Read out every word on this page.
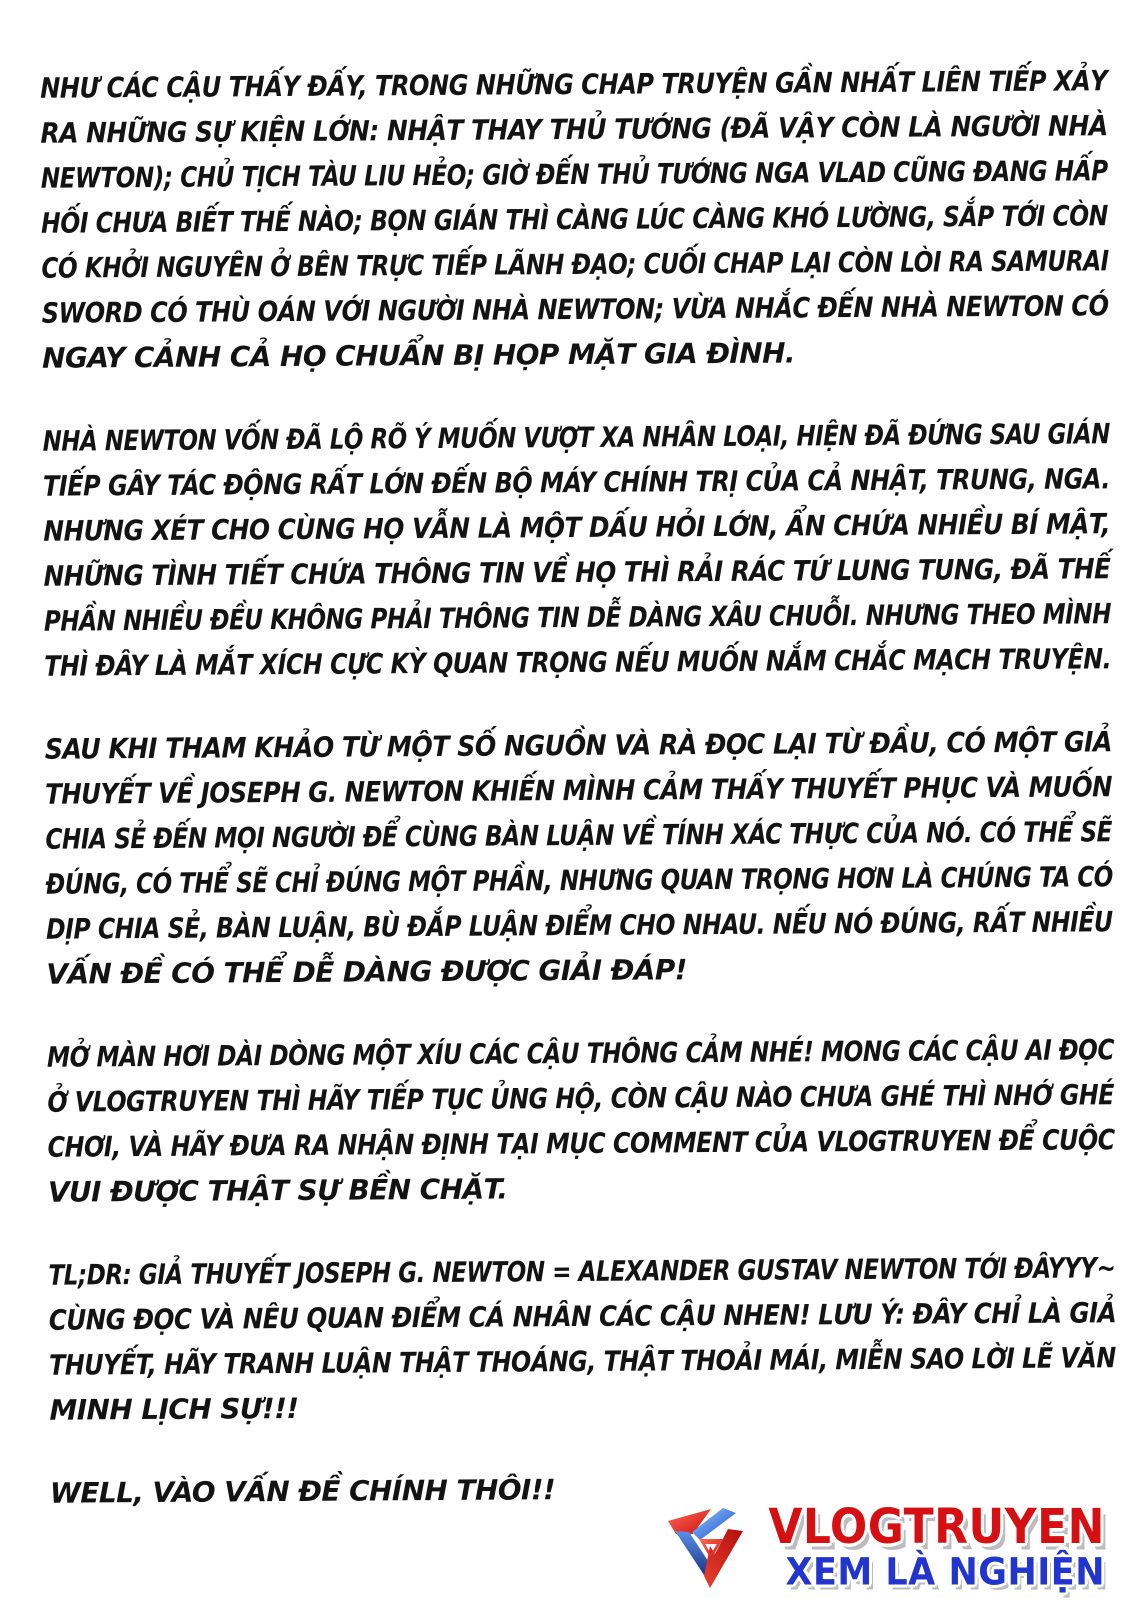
NHƯ CÁC CẬU THẤY ĐẤY, TRONG NHỮNG CHAP TRUYỆN GẦN NHẤT LIÊN TIẾP XẢY
RA NHỮNG SỰ KIỆN LỚN: NHẬT THAY THỦ TƯỚNG (ĐÃ VẬY CÒN LÀ NGƯỜI NHÀ
NEWTON); CHỦ TỊCH TÀU LIU HẺO; GIỜ ĐẾN THỦ TƯỚNG NGA VLAD CŨNG ĐANG HẤP
HỐI CHƯA BIẾT THẾ NÀO; BỌN GIÁN THÌ CÀNG LÚC CÀNG KHÓ LƯỜNG, SẮP TỚI CÒN
CÓ KHỞI NGUYÊN Ở BÊN TRỰC TIẾP LÃNH ĐẠO; CUỐI CHAP LẠI CÒN LÒI RA SAMURAI
SWORD CÓ THÙ OÁN VỚI NGƯỜI NHÀ NEWTON; VỪA NHẮC ĐẾN NHÀ NEWTON CÓ
NGAY CẢNH CẢ HỌ CHUẨN BỊ HỌP MẶT GIA ĐÌNH.
NHÀ NEWTON VỐN ĐÃ LỘ RÕ Ý MUỐN VƯỢT XA NHÂN LOẠI, HIỆN ĐÃ ĐỨNG SAU GIÁN
TIẾP GÂY TÁC ĐỘNG RẤT LỚN ĐẾN BỘ MÁY CHÍNH TRỊ CỦA CẢ NHẬT, TRUNG, NGA.
NHƯNG XÉT CHO CÙNG HỌ VẪN LÀ MỘT DẤU HỎI LỚN, ẨN CHỨA NHIỀU BÍ MẬT,
NHỮNG TÌNH TIẾT CHỨA THÔNG TIN VỀ HỌ THÌ RẢI RÁC TỨ LUNG TUNG, ĐÃ THẾ
PHẦN NHIỀU ĐỀU KHÔNG PHẢI THÔNG TIN DỄ DÀNG XÂU CHUỖI. NHƯNG THEO MÌNH
THÌ ĐÂY LÀ MẮT XÍCH CỰC KỲ QUAN TRỌNG NẾU MUỐN NẮM CHẮC MẠCH TRUYỆN.
SAU KHI THAM KHẢO TỪ MỘT SỐ NGUỒN VÀ RÀ ĐỌC LẠI TỪ ĐẦU, CÓ MỘT GIẢ
THUYẾT VỀ JOSEPH G. NEWTON KHIẾN MÌNH CẢM THẤY THUYẾT PHỤC VÀ MUỐN
CHIA SẺ ĐẾN MỌI NGƯỜI ĐỂ CÙNG BÀN LUẬN VỀ TÍNH XÁC THỰC CỦA NÓ. CÓ THỂ SẼ
ĐÚNG, CÓ THỂ SẼ CHỈ ĐÚNG MỘT PHẦN, NHƯNG QUAN TRỌNG HƠN LÀ CHÚNG TA CÓ
DỊP CHIA SẺ, BÀN LUẬN, BÙ ĐẮP LUẬN ĐIỂM CHO NHAU. NẾU NÓ ĐÚNG, RẤT NHIỀU
VẤN ĐỀ CÓ THỂ DỄ DÀNG ĐƯỢC GIẢI ĐÁP!
MỞ MÀN HƠI DÀI DÒNG MỘT XÍU CÁC CẬU THÔNG CẢM NHÉ! MONG CÁC CẬU AI ĐỌC
Ở VLOGTRUYEN THÌ HÃY TIẾP TỤC ỦNG HỘ, CÒN CẬU NÀO CHƯA GHÉ THÌ NHỚ GHÉ
CHƠI, VÀ HÃY ĐƯA RA NHẬN ĐỊNH TẠI MỤC COMMENT CỦA VLOGTRUYEN ĐỂ CUỘC
VUI ĐƯỢC THẬT SỰ BỀN CHẶT.
TL;DR: GIẢ THUYẾT JOSEPH G. NEWTON = ALEXANDER GUSTAV NEWTON TỚI ĐÂYYY~
CÙNG ĐỌC VÀ NÊU QUAN ĐIỂM CÁ NHÂN CÁC CẬU NHEN! LƯU Ý: ĐÂY CHỈ LÀ GIẢ
THUYẾT, HÃY TRANH LUẬN THẬT THOÁNG, THẬT THOẢI MÁI, MIỄN SAO LỜI LẼ VĂN
MINH LỊCH SỰ!!!
WELL, VÀO VẤN ĐỀ CHÍNH THÔI!!
VLOGTRUYEN
XEM LÀ NGHIỆN
